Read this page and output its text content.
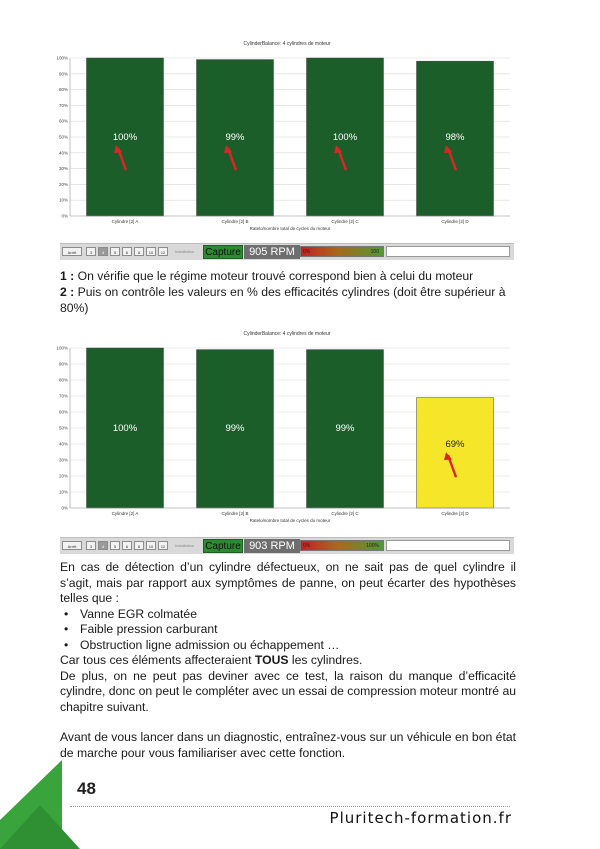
CylinderBalance: 4 cylindres de moteur
0%
10%
20%
30%
40%
50%
60%
70%
80%
90%
100%
100%
Cylindre [2] A
99%
Cylindre [2] B
100%
Cylindre [2] C
98%
Cylindre [2] D
Ratelo/nombre total de cycles du moteur
Arrêt	3	4	5	6	8	10	12	Installation Capture 905 RPM	0%	100
1 : On vérifie que le régime moteur trouvé correspond bien à celui du moteur
2 : Puis on contrôle les valeurs en % des efficacités cylindres (doit être supérieur à 80%)
CylinderBalance: 4 cylindres de moteur
0%
10%
20%
30%
40%
50%
60%
70%
80%
90%
100%
100%
Cylindre [2] A
99%
Cylindre [2] B
99%
Cylindre [2] C
69%
Cylindre [2] D
Ratelo/nombre total de cycles du moteur
Arrêt	3	4	5	6	8	10	12	Installation Capture 903 RPM	0%	100%

En cas de détection d’un cylindre défectueux, on ne sait pas de quel cylindre il s’agit, mais par rapport aux symptômes de panne, on peut écarter des hypothèses telles que :

• Vanne EGR colmatée
• Faible pression carburant
• Obstruction ligne admission ou échappement …

Car tous ces éléments affecteraient TOUS les cylindres.

De plus, on ne peut pas deviner avec ce test, la raison du manque d’efficacité cylindre, donc on peut le compléter avec un essai de compression moteur montré au chapitre suivant.

Avant de vous lancer dans un diagnostic, entraînez-vous sur un véhicule en bon état de marche pour vous familiariser avec cette fonction.

48
Pluritech-formation.fr
